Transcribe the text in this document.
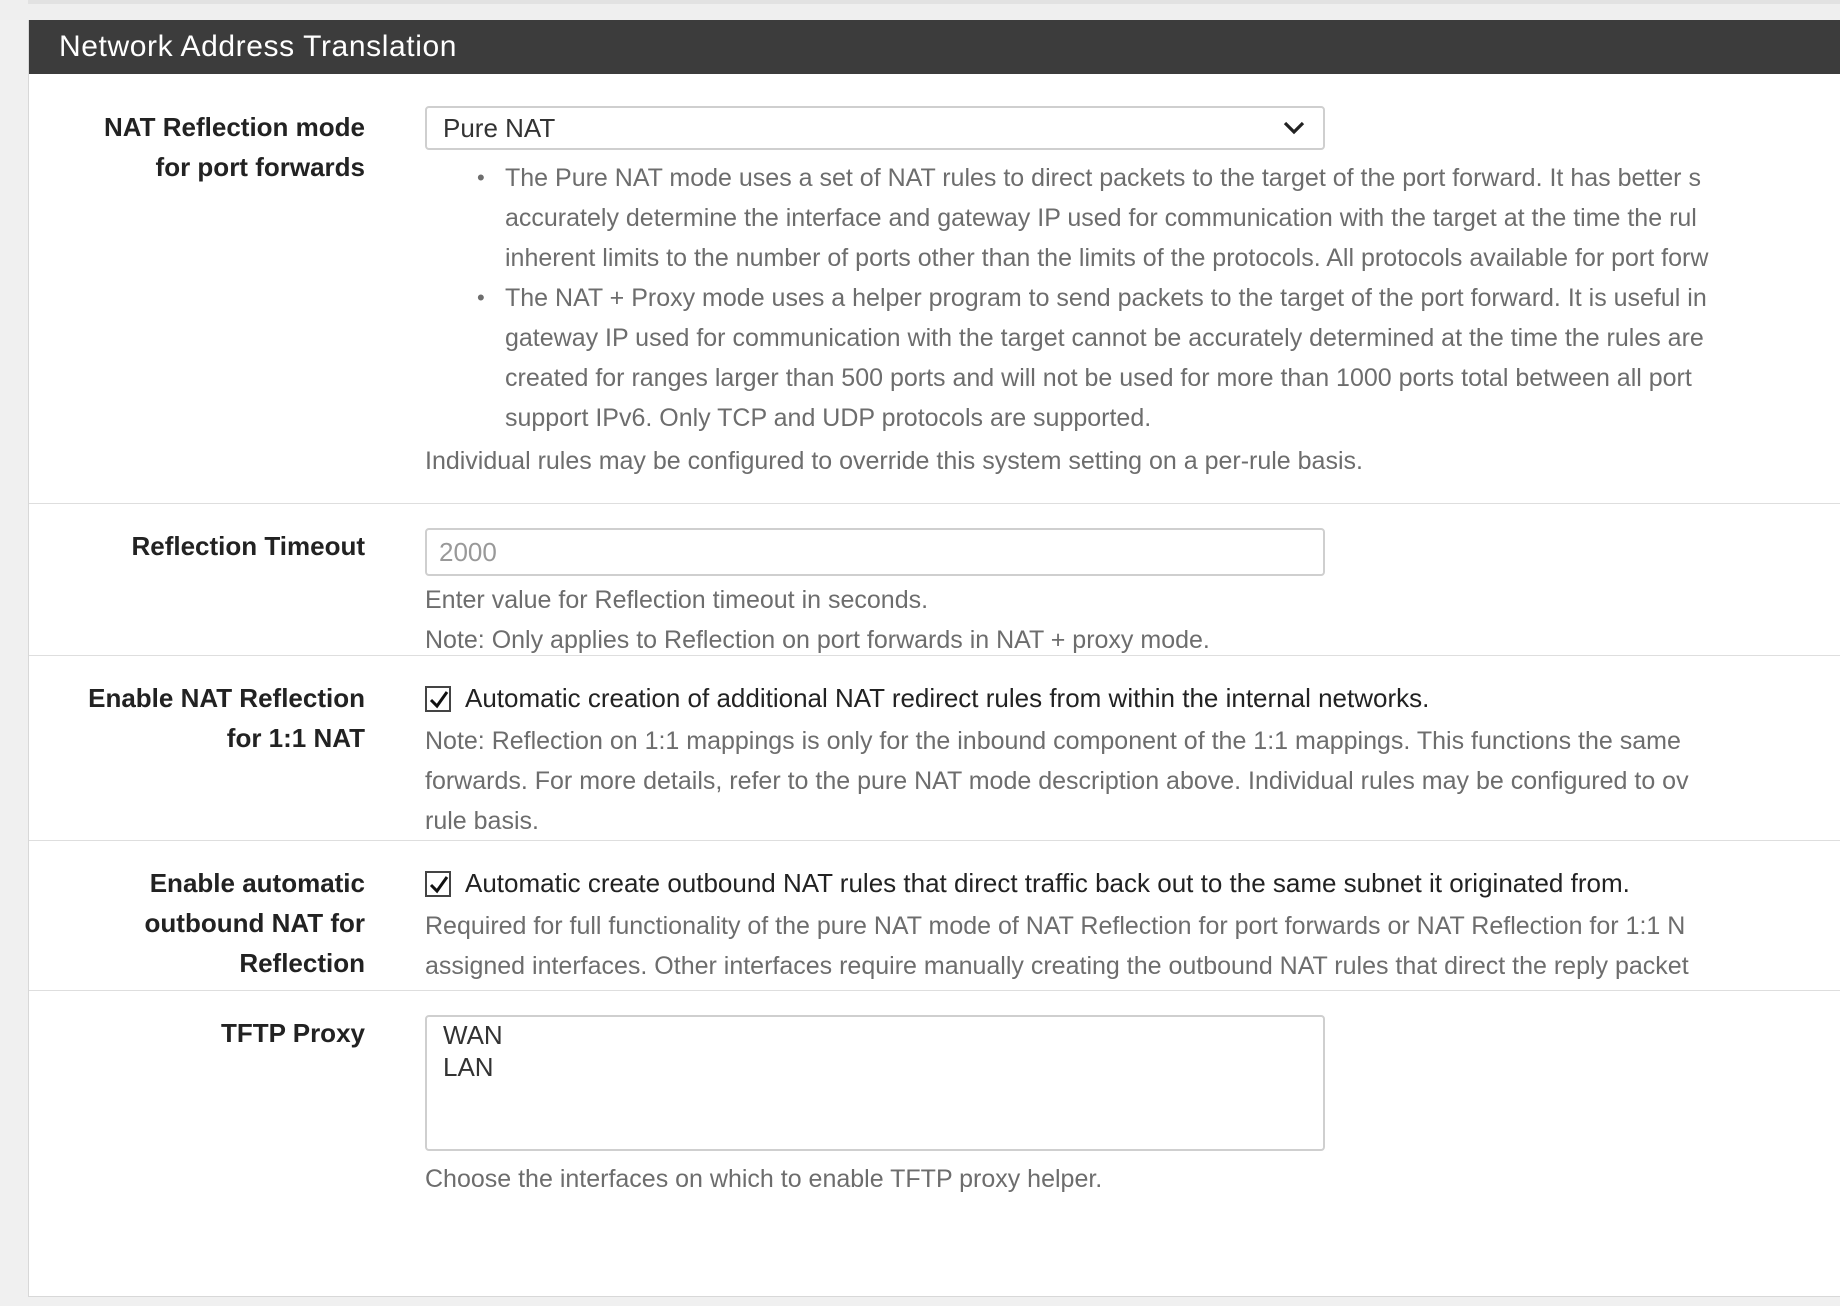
Network Address Translation
NAT Reflection mode
for port forwards
Pure NAT
• The Pure NAT mode uses a set of NAT rules to direct packets to the target of the port forward. It has better s
accurately determine the interface and gateway IP used for communication with the target at the time the rul
inherent limits to the number of ports other than the limits of the protocols. All protocols available for port forw
• The NAT + Proxy mode uses a helper program to send packets to the target of the port forward. It is useful in
gateway IP used for communication with the target cannot be accurately determined at the time the rules are
created for ranges larger than 500 ports and will not be used for more than 1000 ports total between all port
support IPv6. Only TCP and UDP protocols are supported.
Individual rules may be configured to override this system setting on a per-rule basis.
Reflection Timeout	2000
Enter value for Reflection timeout in seconds.
Note: Only applies to Reflection on port forwards in NAT + proxy mode.
Enable NAT Reflection
for 1:1 NAT
Automatic creation of additional NAT redirect rules from within the internal networks.
Note: Reflection on 1:1 mappings is only for the inbound component of the 1:1 mappings. This functions the same
forwards. For more details, refer to the pure NAT mode description above. Individual rules may be configured to ov
rule basis.
Enable automatic
outbound NAT for
Reflection
Automatic create outbound NAT rules that direct traffic back out to the same subnet it originated from.
Required for full functionality of the pure NAT mode of NAT Reflection for port forwards or NAT Reflection for 1:1 N
assigned interfaces. Other interfaces require manually creating the outbound NAT rules that direct the reply packet
TFTP Proxy	WAN
LAN
Choose the interfaces on which to enable TFTP proxy helper.
